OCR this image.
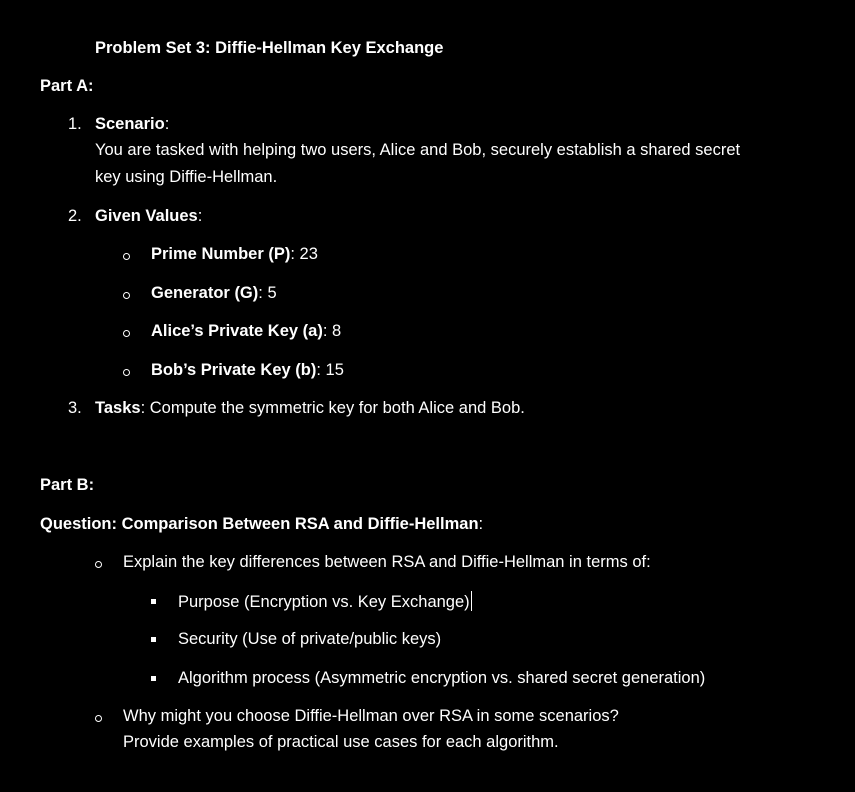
Problem Set 3: Diffie-Hellman Key Exchange
Part A:
1. Scenario:
You are tasked with helping two users, Alice and Bob, securely establish a shared secret
key using Diffie-Hellman.
2. Given Values:
Prime Number (P): 23
Generator (G): 5
Alice’s Private Key (a): 8
Bob’s Private Key (b): 15
3. Tasks: Compute the symmetric key for both Alice and Bob.
Part B:
Question: Comparison Between RSA and Diffie-Hellman:
Explain the key differences between RSA and Diffie-Hellman in terms of:
Purpose (Encryption vs. Key Exchange)
Security (Use of private/public keys)
Algorithm process (Asymmetric encryption vs. shared secret generation)
Why might you choose Diffie-Hellman over RSA in some scenarios?
Provide examples of practical use cases for each algorithm.
